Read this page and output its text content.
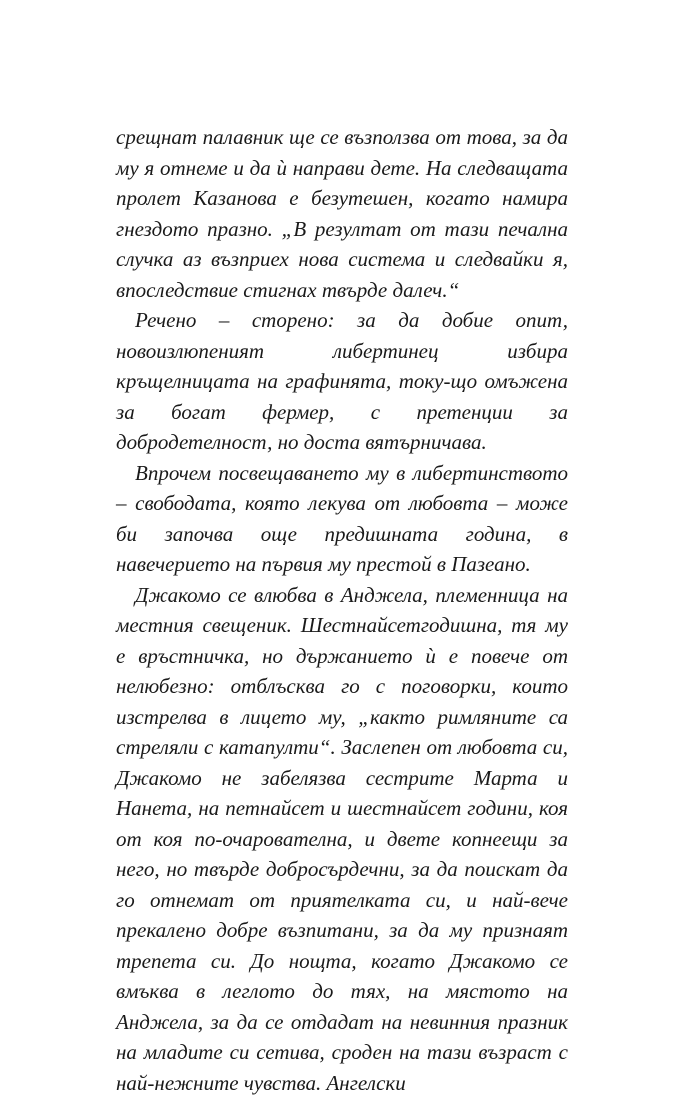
срещнат палавник ще се възползва от това, за да му я отнеме и да ѝ направи дете. На следващата пролет Казанова е безутешен, когато намира гнездото празно. „В резултат от тази печална случка аз възприех нова система и следвайки я, впоследствие стигнах твърде далеч.“

Речено – сторено: за да добие опит, новоизлюпеният либертинец избира кръщелницата на графинята, току-що омъжена за богат фермер, с претенции за добродетелност, но доста вятърничава.

Впрочем посвещаването му в либертинството – свободата, която лекува от любовта – може би започва още предишната година, в навечерието на първия му престой в Пазеано.

Джакомо се влюбва в Анджела, племенница на местния свещеник. Шестнайсетгодишна, тя му е връстничка, но държанието ѝ е повече от нелюбезно: отблъсква го с поговорки, които изстрелва в лицето му, „както римляните са стреляли с катапулти“. Заслепен от любовта си, Джакомо не забелязва сестрите Марта и Нанета, на петнайсет и шестнайсет години, коя от коя по-очарователна, и двете копнеещи за него, но твърде добросърдечни, за да поискат да го отнемат от приятелката си, и най-вече прекалено добре възпитани, за да му признаят трепета си. До нощта, когато Джакомо се вмъква в леглото до тях, на мястото на Анджела, за да се отдадат на невинния празник на младите си сетива, сроден на тази възраст с най-нежните чувства. Ангелски
